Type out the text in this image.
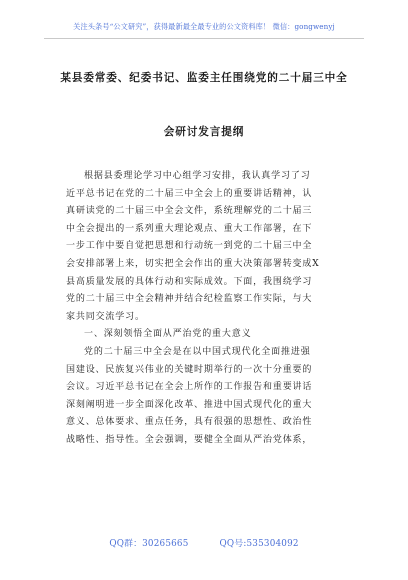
关注头条号“公文研究”，获得最新最全最专业的公文资料库！ 微信：gongwenyj
某县委常委、纪委书记、监委主任围绕党的二十届三中全
会研讨发言提纲
根据县委理论学习中心组学习安排，我认真学习了习
近平总书记在党的二十届三中全会上的重要讲话精神，认
真研读党的二十届三中全会文件，系统理解党的二十届三
中全会提出的一系列重大理论观点、重大工作部署，在下
一步工作中要自觉把思想和行动统一到党的二十届三中全
会安排部署上来，切实把全会作出的重大决策部署转变成X
县高质量发展的具体行动和实际成效。下面，我围绕学习
党的二十届三中全会精神并结合纪检监察工作实际，与大
家共同交流学习。
一、深刻领悟全面从严治党的重大意义
党的二十届三中全会是在以中国式现代化全面推进强
国建设、民族复兴伟业的关键时期举行的一次十分重要的
会议。习近平总书记在全会上所作的工作报告和重要讲话
深刻阐明进一步全面深化改革、推进中国式现代化的重大
意义、总体要求、重点任务，具有很强的思想性、政治性
战略性、指导性。全会强调，要健全全面从严治党体系，
QQ群：30265665	QQ号:535304092
